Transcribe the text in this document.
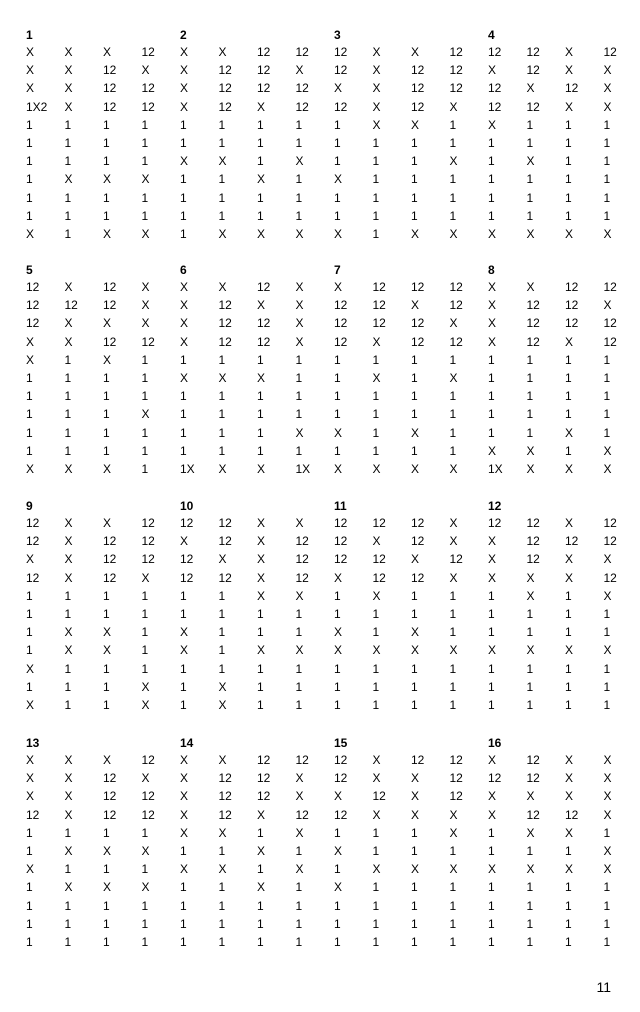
1
X	X	X	12
X	X	12	X
X	X	12	12
1X2	X	12	12
1	1	1	1
1	1	1	1
1	1	1	1
1	X	X	X
1	1	1	1
1	1	1	1
X	1	X	X
2
X	X	12	12
X	12	12	X
X	12	12	12
X	12	X	12
1	1	1	1
1	1	1	1
X	X	1	X
1	1	X	1
1	1	1	1
1	1	1	1
1	X	X	X
3
12	X	X	12
12	X	12	12
X	X	12	12
12	X	12	X
1	X	X	1
1	1	1	1
1	1	1	X
X	1	1	1
1	1	1	1
1	1	1	1
X	1	X	X
4
12	12	X	12
X	12	X	X
12	X	12	X
12	12	X	X
X	1	1	1
1	1	1	1
1	X	1	1
1	1	1	1
1	1	1	1
1	1	1	1
X	X	X	X
5
12	X	12	X
12	12	12	X
12	X	X	X
X	X	12	12
X	1	X	1
1	1	1	1
1	1	1	1
1	1	1	X
1	1	1	1
1	1	1	1
X	X	X	1
6
X	X	12	X
X	12	X	X
X	12	12	X
X	12	12	X
1	1	1	1
X	X	X	1
1	1	1	1
1	1	1	1
1	1	1	X
1	1	1	1
1X	X	X	1X
7
X	12	12	12
12	12	X	12
12	12	12	X
12	X	12	12
1	1	1	1
1	X	1	X
1	1	1	1
1	1	1	1
X	1	X	1
1	1	1	1
X	X	X	X
8
X	X	12	12
X	12	12	X
X	12	12	12
X	12	X	12
1	1	1	1
1	1	1	1
1	1	1	1
1	1	1	1
1	1	X	1
X	X	1	X
1X	X	X	X
9
12	X	X	12
12	X	12	12
X	X	12	12
12	X	12	X
1	1	1	1
1	1	1	1
1	X	X	1
1	X	X	1
X	1	1	1
1	1	1	X
X	1	1	X
10
12	12	X	X
X	12	X	12
12	X	X	12
12	12	X	12
1	1	X	X
1	1	1	1
X	1	1	1
X	1	X	X
1	1	1	1
1	X	1	1
1	X	1	1
11
12	12	12	X
12	X	12	X
12	12	X	12
X	12	12	X
1	X	1	1
1	1	1	1
X	1	X	1
X	X	X	X
1	1	1	1
1	1	1	1
1	1	1	1
12
12	12	X	12
X	12	12	12
X	12	X	X
X	X	X	12
1	X	1	X
1	1	1	1
1	1	1	1
X	X	X	X
1	1	1	1
1	1	1	1
1	1	1	1
13
X	X	X	12
X	X	12	X
X	X	12	12
12	X	12	12
1	1	1	1
1	X	X	X
X	1	1	1
1	X	X	X
1	1	1	1
1	1	1	1
1	1	1	1
14
X	X	12	12
X	12	12	X
X	12	12	X
X	12	X	12
X	X	1	X
1	1	X	1
X	X	1	X
1	1	X	1
1	1	1	1
1	1	1	1
1	1	1	1
15
12	X	12	12
12	X	X	12
X	12	X	12
12	X	X	X
1	1	1	X
X	1	1	1
1	X	X	X
X	1	1	1
1	1	1	1
1	1	1	1
1	1	1	1
16
X	12	X	X
12	12	X	X
X	X	X	X
X	12	12	X
1	X	X	1
1	1	1	X
X	X	X	X
1	1	1	1
1	1	1	1
1	1	1	1
1	1	1	1
11
